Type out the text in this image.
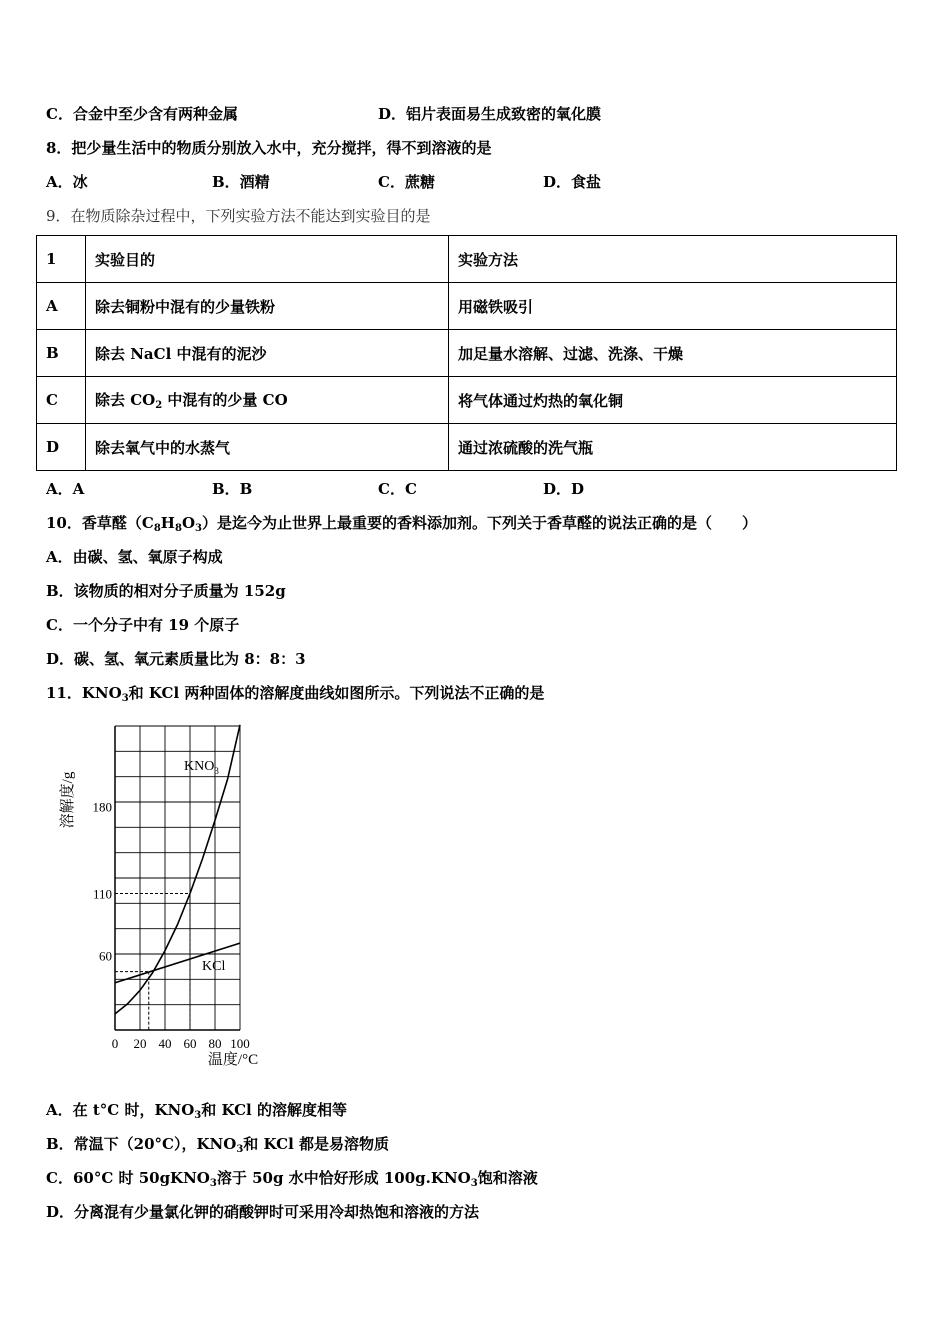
C．合金中至少含有两种金属	D．铝片表面易生成致密的氧化膜
8．把少量生活中的物质分别放入水中，充分搅拌，得不到溶液的是
A．冰	B．酒精	C．蔗糖	D．食盐
9．在物质除杂过程中，下列实验方法不能达到实验目的是
1	实验目的	实验方法
A	除去铜粉中混有的少量铁粉	用磁铁吸引
B	除去 NaCl 中混有的泥沙	加足量水溶解、过滤、洗涤、干燥
C	除去 $CO_2$ 中混有的少量 CO	将气体通过灼热的氧化铜
D	除去氧气中的水蒸气	通过浓硫酸的洗气瓶
A．A	B．B	C．C	D．D
10．香草醛$(C_8H_8O_3)$是迄今为止世界上最重要的香料添加剂。下列关于香草醛的说法正确的是（　　）
A．由碳、氢、氧原子构成
B．该物质的相对分子质量为 152g
C．一个分子中有 19 个原子
D．碳、氢、氧元素质量比为 8：8：3
11．$KNO_3$和 KCl 两种固体的溶解度曲线如图所示。下列说法不正确的是
0 20 40 60 80 100
60
110
180
溶解度/g
温度/°C
$KNO_3$
KCl
A．在 t°C 时，$KNO_3$和 KCl 的溶解度相等
B．常温下（20°C），$KNO_3$和 KCl 都是易溶物质
C．60°C 时 50gKNO$_3$溶于 50g 水中恰好形成 $100g.KNO_3$饱和溶液
D．分离混有少量氯化钾的硝酸钾时可采用冷却热饱和溶液的方法
